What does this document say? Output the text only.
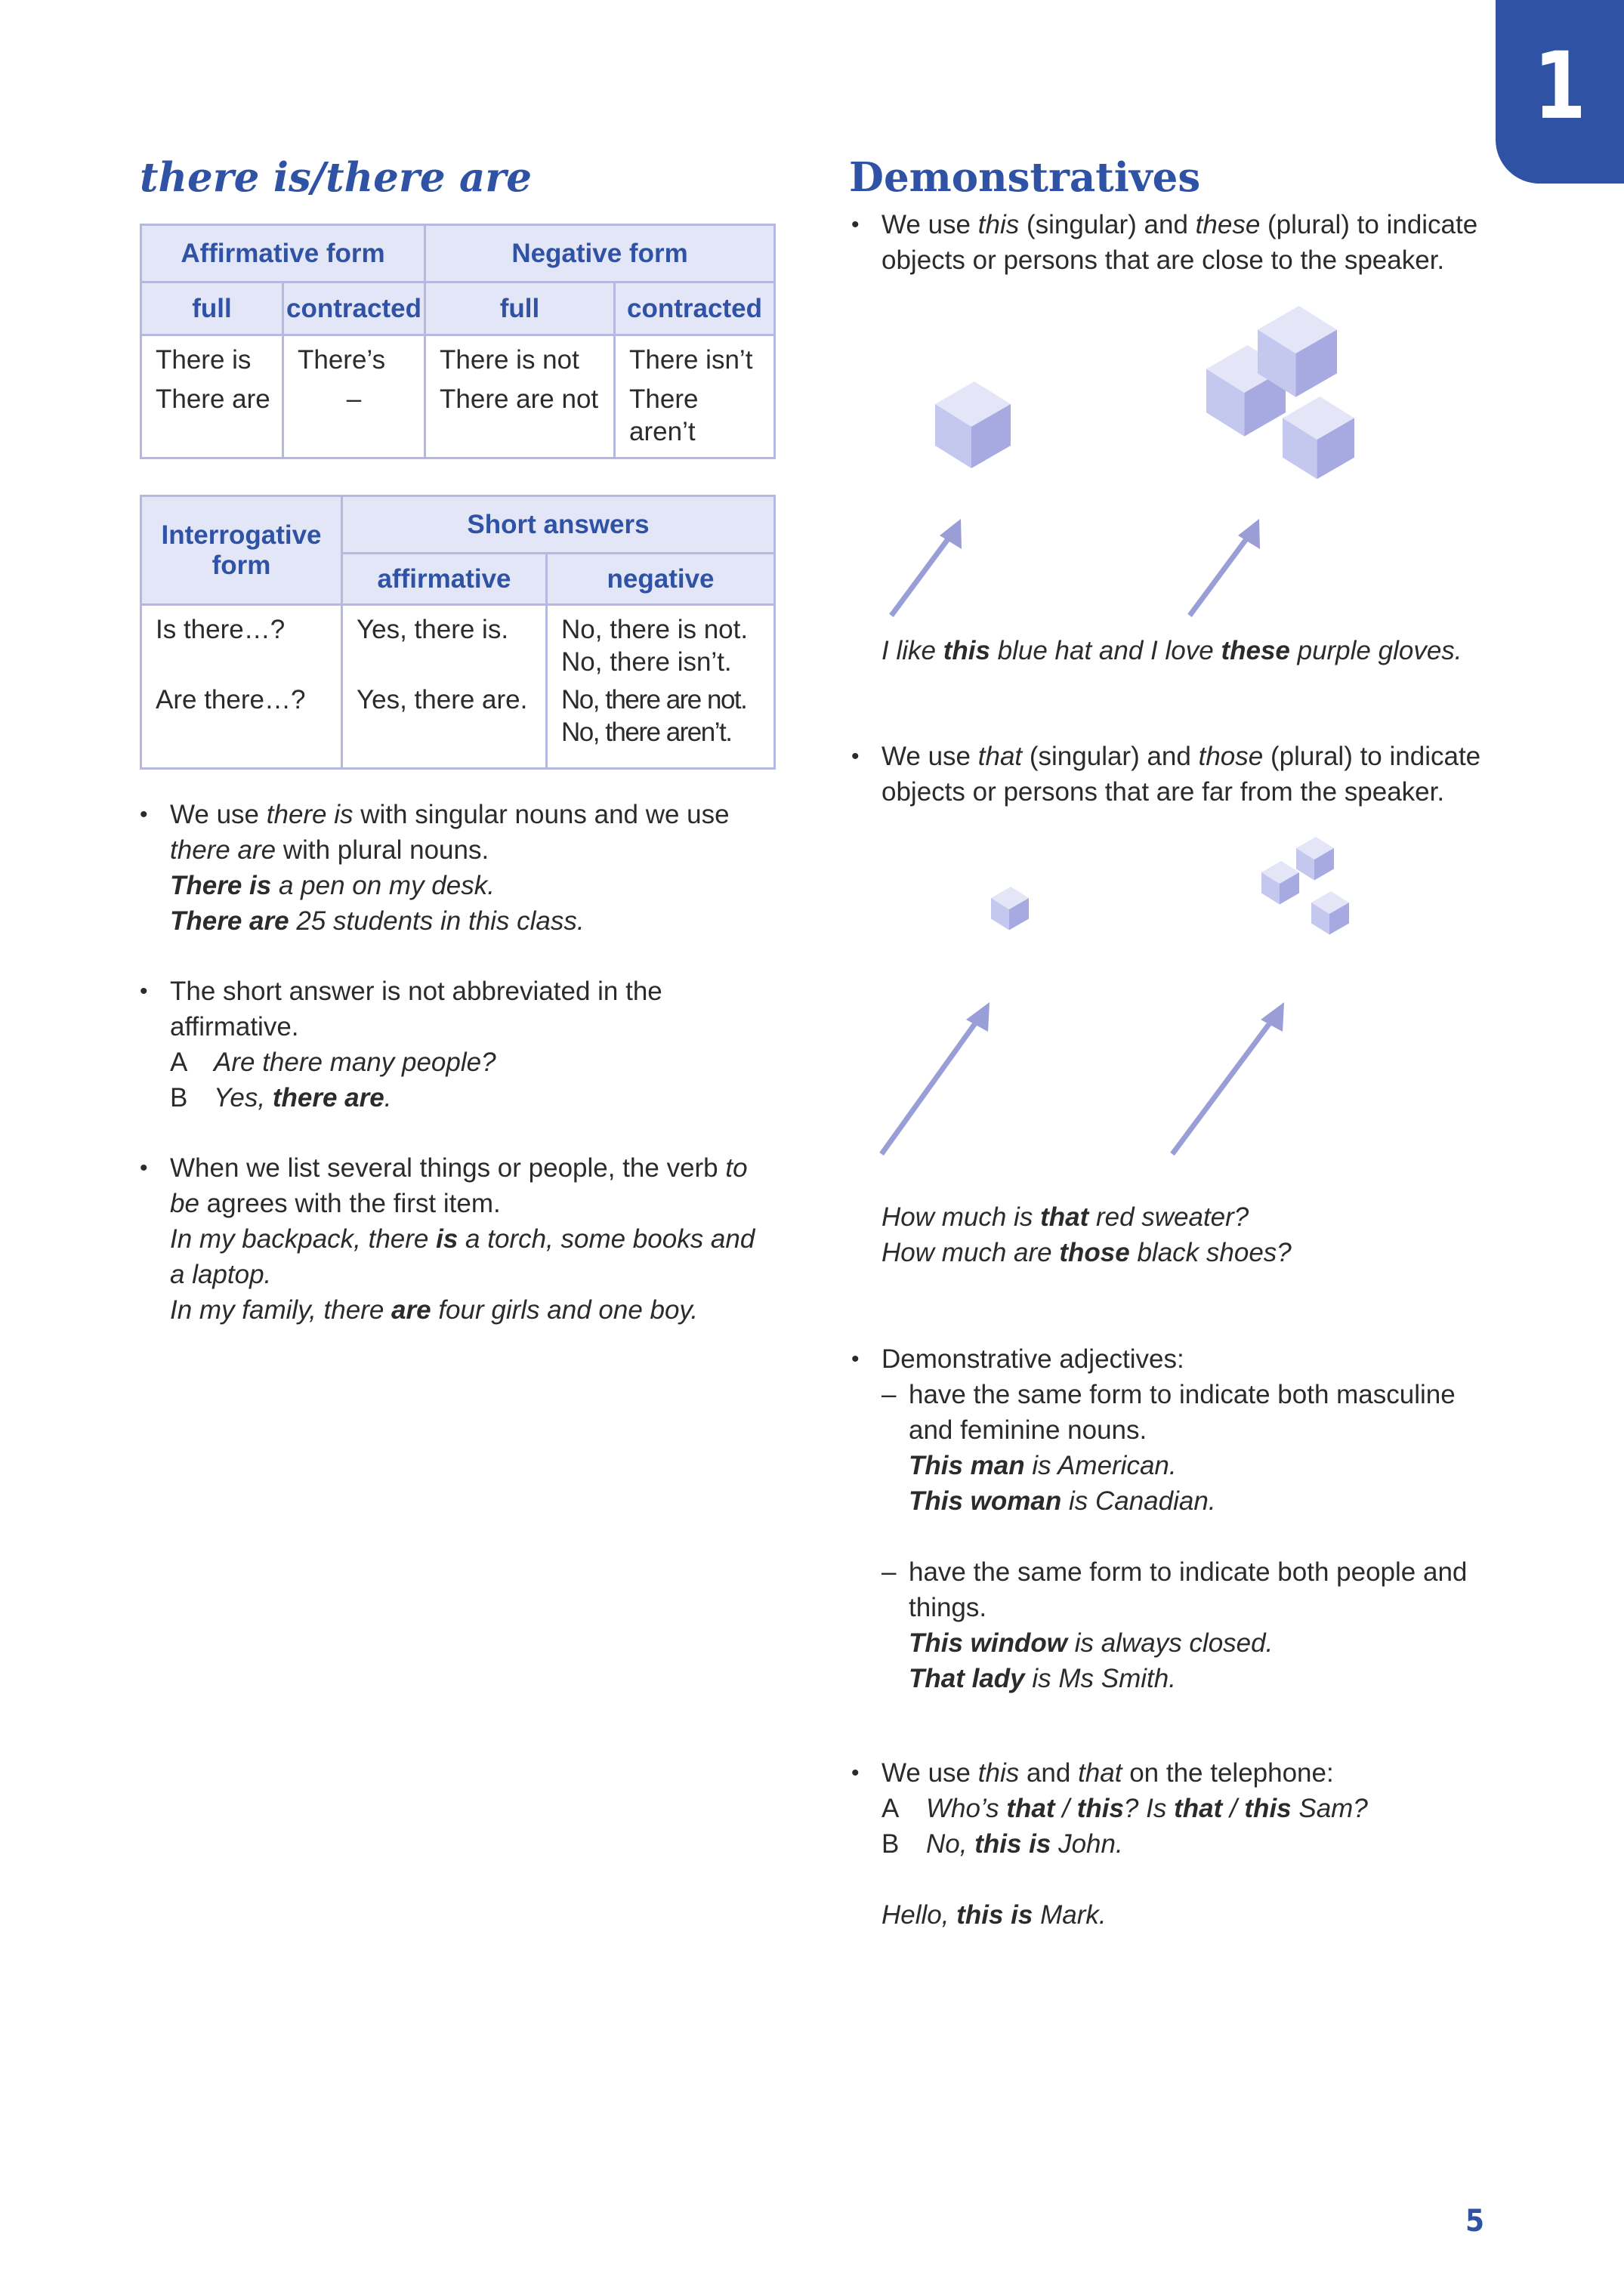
1
there is/there are
Affirmative form		Negative form	
full	contracted	full	contracted
There is	There’s	There is not	There isn’t
There are	–	There are not	There aren’t
Interrogative form	Short answers	
	affirmative	negative
Is there…?	Yes, there is.	No, there is not.
No, there isn’t.

Are there…?	Yes, there are.	No, there are not.
No, there aren’t.
• We use there is with singular nouns and we use
there are with plural nouns.
There is a pen on my desk.
There are 25 students in this class.
• The short answer is not abbreviated in the
affirmative.
A Are there many people?
B Yes, there are.
• When we list several things or people, the verb to
be agrees with the first item.
In my backpack, there is a torch, some books and
a laptop.
In my family, there are four girls and one boy.
Demonstratives
• We use this (singular) and these (plural) to indicate
objects or persons that are close to the speaker.
I like this blue hat and I love these purple gloves.
• We use that (singular) and those (plural) to indicate
objects or persons that are far from the speaker.
How much is that red sweater?
How much are those black shoes?
• Demonstrative adjectives:
– have the same form to indicate both masculine
and feminine nouns.
This man is American.
This woman is Canadian.
– have the same form to indicate both people and
things.
This window is always closed.
That lady is Ms Smith.
• We use this and that on the telephone:
A Who’s that / this? Is that / this Sam?
B No, this is John.
Hello, this is Mark.
5
